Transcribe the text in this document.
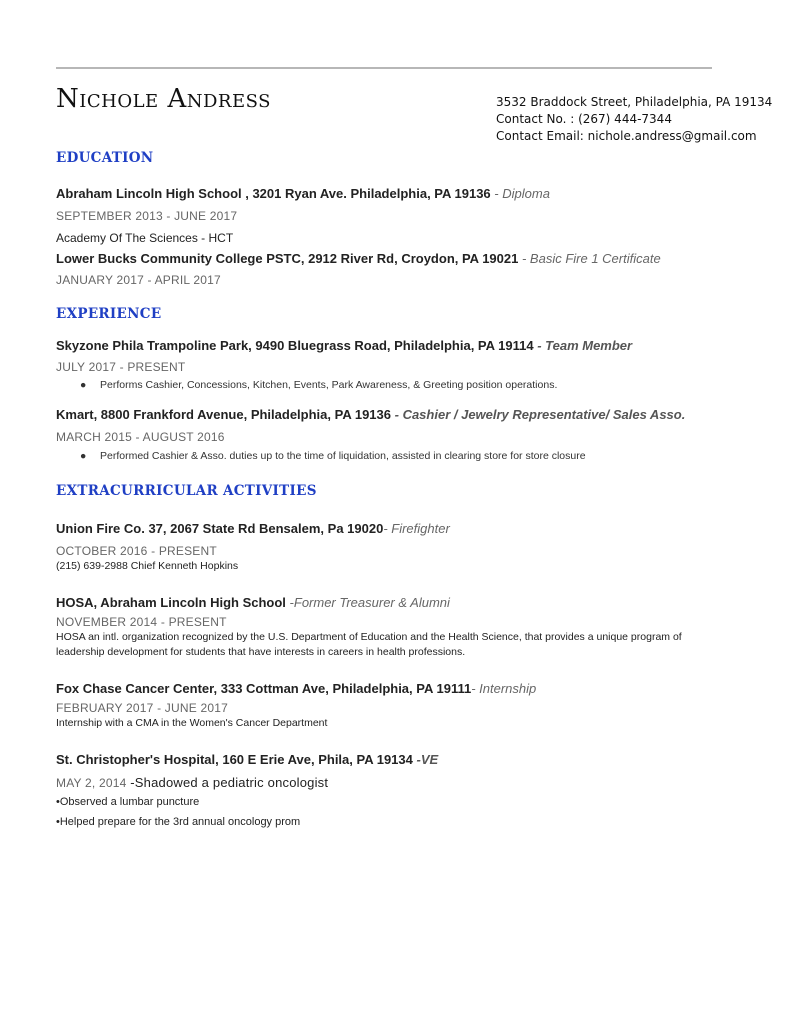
Nichole Andress	3532 Braddock Street, Philadelphia, PA 19134
Contact No. : (267) 444-7344
Contact Email: nichole.andress@gmail.com
EDUCATION
Abraham Lincoln High School , 3201 Ryan Ave. Philadelphia, PA 19136 - Diploma
SEPTEMBER 2013 - JUNE 2017
Academy Of The Sciences - HCT
Lower Bucks Community College PSTC, 2912 River Rd, Croydon, PA 19021 - Basic Fire 1 Certificate
JANUARY 2017 - APRIL 2017
EXPERIENCE
Skyzone Phila Trampoline Park, 9490 Bluegrass Road, Philadelphia, PA 19114 - Team Member
JULY 2017 - PRESENT
● Performs Cashier, Concessions, Kitchen, Events, Park Awareness, & Greeting position operations.
Kmart, 8800 Frankford Avenue, Philadelphia, PA 19136 - Cashier / Jewelry Representative/ Sales Asso.
MARCH 2015 - AUGUST 2016
● Performed Cashier & Asso. duties up to the time of liquidation, assisted in clearing store for store closure
EXTRACURRICULAR ACTIVITIES
Union Fire Co. 37, 2067 State Rd Bensalem, Pa 19020- Firefighter
OCTOBER 2016 - PRESENT
(215) 639-2988 Chief Kenneth Hopkins
HOSA, Abraham Lincoln High School -Former Treasurer & Alumni
NOVEMBER 2014 - PRESENT
HOSA an intl. organization recognized by the U.S. Department of Education and the Health Science, that provides a unique program of leadership development for students that have interests in careers in health professions.
Fox Chase Cancer Center, 333 Cottman Ave, Philadelphia, PA 19111- Internship
FEBRUARY 2017 - JUNE 2017
Internship with a CMA in the Women's Cancer Department
St. Christopher's Hospital, 160 E Erie Ave, Phila, PA 19134 -VE
MAY 2, 2014 -Shadowed a pediatric oncologist
•Observed a lumbar puncture
•Helped prepare for the 3rd annual oncology prom
